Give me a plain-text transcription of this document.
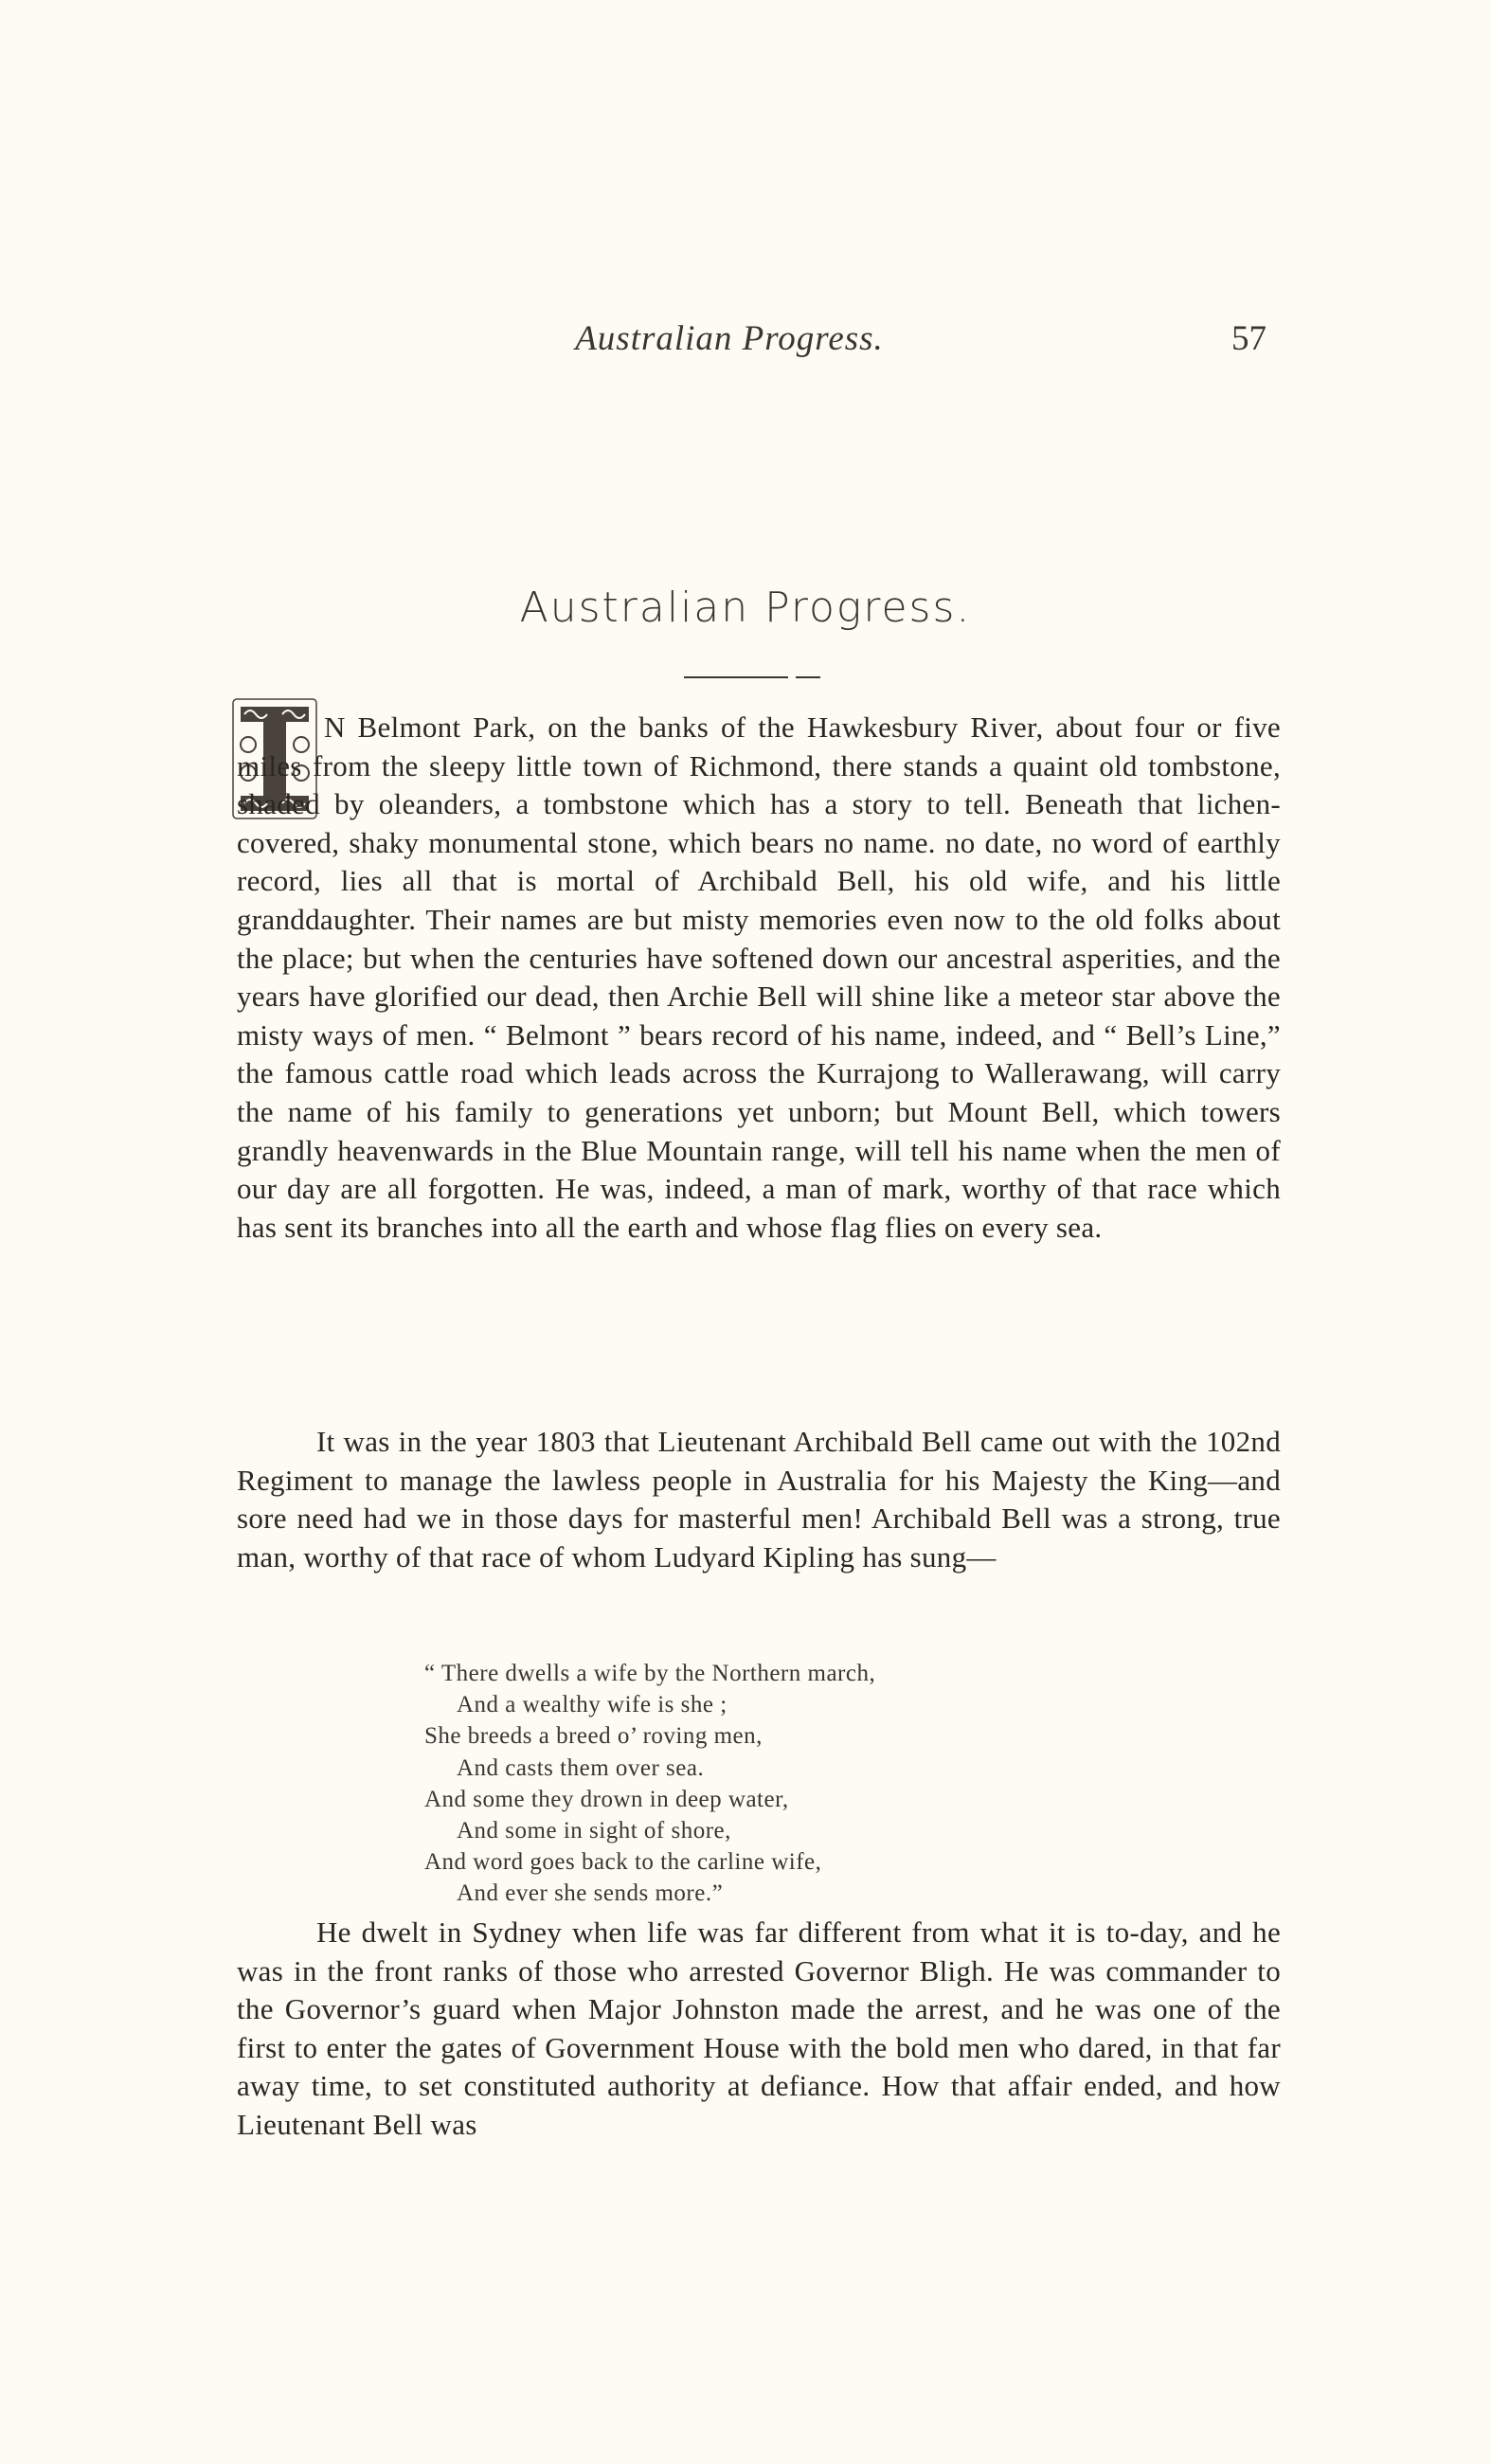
Australian Progress.	57
Australian Progress.
N Belmont Park, on the banks of the Hawkesbury River, about four or five miles from the sleepy little town of Richmond, there stands a quaint old tombstone, shaded by oleanders, a tombstone which has a story to tell. Beneath that lichen-covered, shaky monumental stone, which bears no name. no date, no word of earthly record, lies all that is mortal of Archibald Bell, his old wife, and his little granddaughter. Their names are but misty memories even now to the old folks about the place; but when the centuries have softened down our ancestral asperities, and the years have glorified our dead, then Archie Bell will shine like a meteor star above the misty ways of men. “ Belmont ” bears record of his name, indeed, and “ Bell’s Line,” the famous cattle road which leads across the Kurrajong to Wallerawang, will carry the name of his family to generations yet unborn; but Mount Bell, which towers grandly heavenwards in the Blue Mountain range, will tell his name when the men of our day are all forgotten. He was, indeed, a man of mark, worthy of that race which has sent its branches into all the earth and whose flag flies on every sea.
It was in the year 1803 that Lieutenant Archibald Bell came out with the 102nd Regiment to manage the lawless people in Australia for his Majesty the King—and sore need had we in those days for masterful men! Archibald Bell was a strong, true man, worthy of that race of whom Ludyard Kipling has sung—
“ There dwells a wife by the Northern march,
And a wealthy wife is she ;
She breeds a breed o’ roving men,
And casts them over sea.
And some they drown in deep water,
And some in sight of shore,
And word goes back to the carline wife,
And ever she sends more.”
He dwelt in Sydney when life was far different from what it is to-day, and he was in the front ranks of those who arrested Governor Bligh. He was commander to the Governor’s guard when Major Johnston made the arrest, and he was one of the first to enter the gates of Government House with the bold men who dared, in that far away time, to set constituted authority at defiance. How that affair ended, and how Lieutenant Bell was
